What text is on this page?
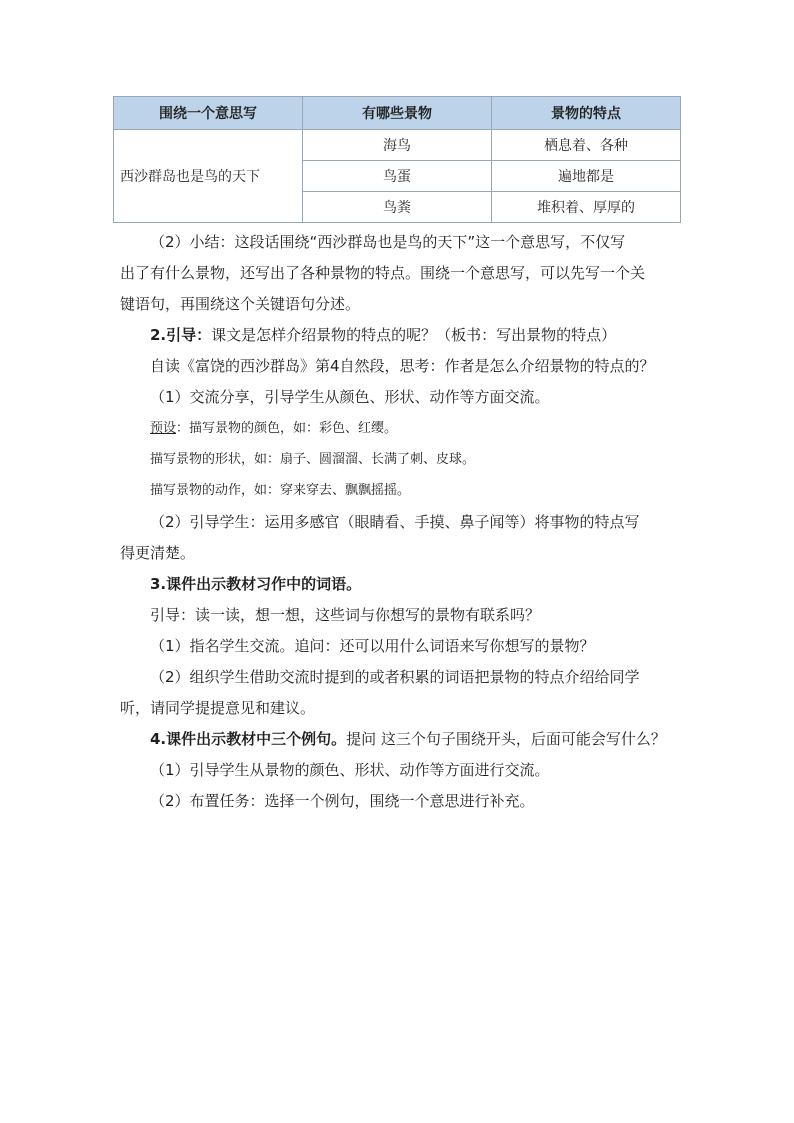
围绕一个意思写	有哪些景物	景物的特点
西沙群岛也是鸟的天下	海鸟	栖息着、各种
	鸟蛋	遍地都是
	鸟粪	堆积着、厚厚的
（2）小结：这段话围绕“西沙群岛也是鸟的天下”这一个意思写，不仅写
出了有什么景物，还写出了各种景物的特点。围绕一个意思写，可以先写一个关
键语句，再围绕这个关键语句分述。
2.引导：课文是怎样介绍景物的特点的呢？（板书：写出景物的特点）
自读《富饶的西沙群岛》第4自然段，思考：作者是怎么介绍景物的特点的？
（1）交流分享，引导学生从颜色、形状、动作等方面交流。
预设：描写景物的颜色，如：彩色、红缨。
描写景物的形状，如：扇子、圆溜溜、长满了刺、皮球。
描写景物的动作，如：穿来穿去、飘飘摇摇。
（2）引导学生：运用多感官（眼睛看、手摸、鼻子闻等）将事物的特点写
得更清楚。
3.课件出示教材习作中的词语。
引导：读一读，想一想，这些词与你想写的景物有联系吗？
（1）指名学生交流。追问：还可以用什么词语来写你想写的景物？
（2）组织学生借助交流时提到的或者积累的词语把景物的特点介绍给同学
听，请同学提提意见和建议。
4.课件出示教材中三个例句。提问 这三个句子围绕开头，后面可能会写什么？
（1）引导学生从景物的颜色、形状、动作等方面进行交流。
（2）布置任务：选择一个例句，围绕一个意思进行补充。
